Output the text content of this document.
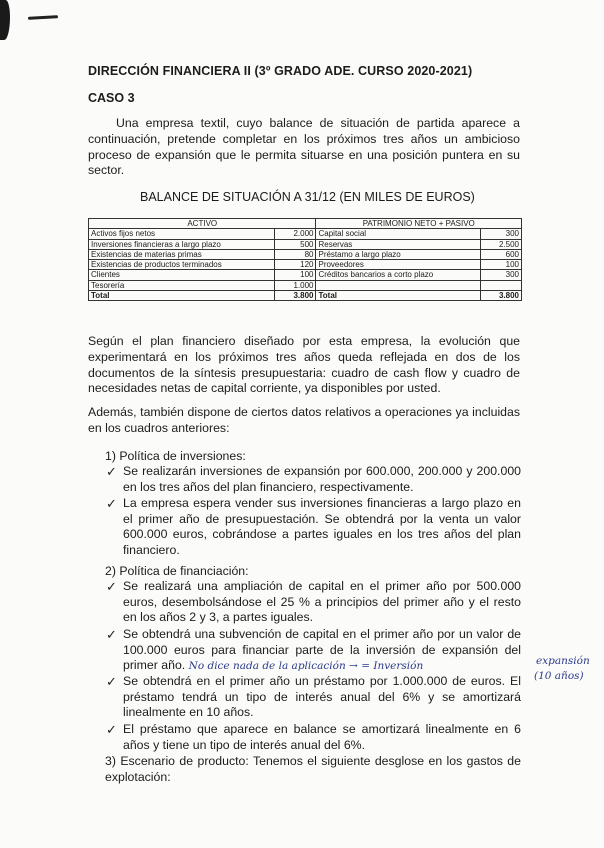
DIRECCIÓN FINANCIERA II (3º GRADO ADE. CURSO 2020-2021)
CASO 3
Una empresa textil, cuyo balance de situación de partida aparece a continuación, pretende completar en los próximos tres años un ambicioso proceso de expansión que le permita situarse en una posición puntera en su sector.
BALANCE DE SITUACIÓN A 31/12 (EN MILES DE EUROS)
ACTIVO		PATRIMONIO NETO + PASIVO	
Activos fijos netos	2.000	Capital social	300
Inversiones financieras a largo plazo	500	Reservas	2.500
Existencias de materias primas	80	Préstamo a largo plazo	600
Existencias de productos terminados	120	Proveedores	100
Clientes	100	Créditos bancarios a corto plazo	300
Tesorería	1.000		
Total	3.800	Total	3.800
Según el plan financiero diseñado por esta empresa, la evolución que experimentará en los próximos tres años queda reflejada en dos de los documentos de la síntesis presupuestaria: cuadro de cash flow y cuadro de necesidades netas de capital corriente, ya disponibles por usted.
Además, también dispone de ciertos datos relativos a operaciones ya incluidas en los cuadros anteriores:
1) Política de inversiones:
✓ Se realizarán inversiones de expansión por 600.000, 200.000 y 200.000 en los tres años del plan financiero, respectivamente.
✓ La empresa espera vender sus inversiones financieras a largo plazo en el primer año de presupuestación. Se obtendrá por la venta un valor 600.000 euros, cobrándose a partes iguales en los tres años del plan financiero.
2) Política de financiación:
✓ Se realizará una ampliación de capital en el primer año por 500.000 euros, desembolsándose el 25 % a principios del primer año y el resto en los años 2 y 3, a partes iguales.
✓ Se obtendrá una subvención de capital en el primer año por un valor de 100.000 euros para financiar parte de la inversión de expansión del primer año. No dice nada de la aplicación → = Inversión	expansión
(10 años)
✓ Se obtendrá en el primer año un préstamo por 1.000.000 de euros. El préstamo tendrá un tipo de interés anual del 6% y se amortizará linealmente en 10 años.
✓ El préstamo que aparece en balance se amortizará linealmente en 6 años y tiene un tipo de interés anual del 6%.
3) Escenario de producto: Tenemos el siguiente desglose en los gastos de explotación:
